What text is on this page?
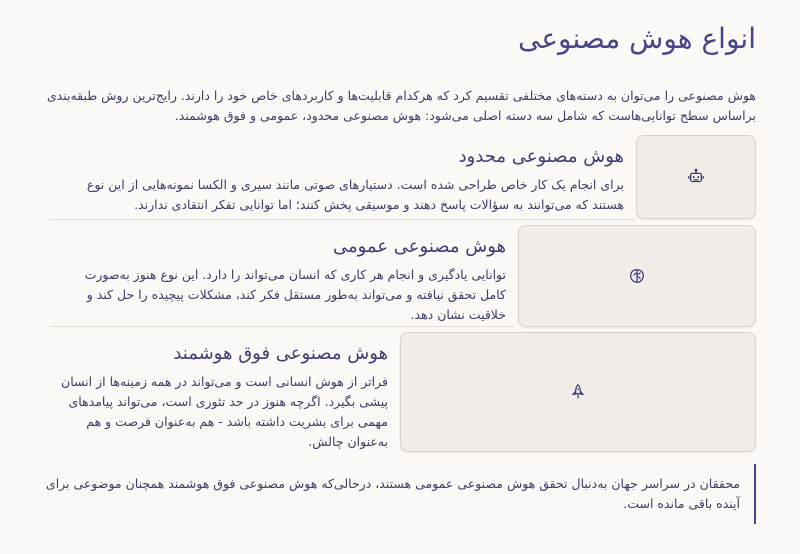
انواع هوش مصنوعی

هوش مصنوعی را می‌توان به دسته‌های مختلفی تقسیم کرد که هرکدام قابلیت‌ها و کاربردهای خاص خود را دارند. رایج‌ترین روش طبقه‌بندی براساس سطح توانایی‌هاست که شامل سه دسته اصلی می‌شود: هوش مصنوعی محدود، عمومی و فوق هوشمند.

هوش مصنوعی محدود

برای انجام یک کار خاص طراحی شده است. دستیارهای صوتی مانند سیری و الکسا نمونه‌هایی از این نوع هستند که می‌توانند به سؤالات پاسخ دهند و موسیقی پخش کنند؛ اما توانایی تفکر انتقادی ندارند.

هوش مصنوعی عمومی

توانایی یادگیری و انجام هر کاری که انسان می‌تواند را دارد. این نوع هنوز به‌صورت کامل تحقق نیافته و می‌تواند به‌طور مستقل فکر کند، مشکلات پیچیده را حل کند و خلاقیت نشان دهد.

هوش مصنوعی فوق هوشمند

فراتر از هوش انسانی است و می‌تواند در همه زمینه‌ها از انسان پیشی بگیرد. اگرچه هنوز در حد تئوری است، می‌تواند پیامدهای مهمی برای بشریت داشته باشد - هم به‌عنوان فرصت و هم به‌عنوان چالش.

محققان در سراسر جهان به‌دنبال تحقق هوش مصنوعی عمومی هستند، درحالی‌که هوش مصنوعی فوق هوشمند همچنان موضوعی برای آینده باقی مانده است.
